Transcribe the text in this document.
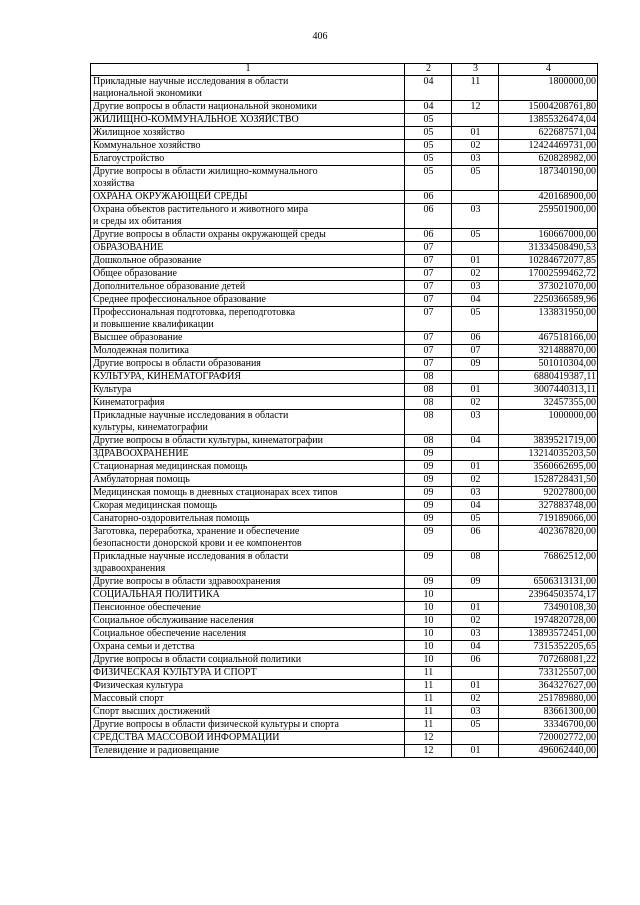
406
1	2	3	4

Прикладные научные исследования в области
национальной экономики	04	11	1800000,00

Другие вопросы в области национальной экономики	04	12	15004208761,80

ЖИЛИЩНО-КОММУНАЛЬНОЕ ХОЗЯЙСТВО	05		13855326474,04

Жилищное хозяйство	05	01	622687571,04

Коммунальное хозяйство	05	02	12424469731,00

Благоустройство	05	03	620828982,00

Другие вопросы в области жилищно-коммунального
хозяйства	05	05	187340190,00

ОХРАНА ОКРУЖАЮЩЕЙ СРЕДЫ	06		420168900,00

Охрана объектов растительного и животного мира
и среды их обитания	06	03	259501900,00

Другие вопросы в области охраны окружающей среды	06	05	160667000,00

ОБРАЗОВАНИЕ	07		31334508490,53

Дошкольное образование	07	01	10284672077,85

Общее образование	07	02	17002599462,72

Дополнительное образование детей	07	03	373021070,00

Среднее профессиональное образование	07	04	2250366589,96

Профессиональная подготовка, переподготовка
и повышение квалификации	07	05	133831950,00

Высшее образование	07	06	467518166,00

Молодежная политика	07	07	321488870,00

Другие вопросы в области образования	07	09	501010304,00

КУЛЬТУРА, КИНЕМАТОГРАФИЯ	08		6880419387,11

Культура	08	01	3007440313,11

Кинематография	08	02	32457355,00

Прикладные научные исследования в области
культуры, кинематографии	08	03	1000000,00

Другие вопросы в области культуры, кинематографии	08	04	3839521719,00

ЗДРАВООХРАНЕНИЕ	09		13214035203,50

Стационарная медицинская помощь	09	01	3560662695,00

Амбулаторная помощь	09	02	1528728431,50

Медицинская помощь в дневных стационарах всех типов	09	03	92027800,00

Скорая медицинская помощь	09	04	327883748,00

Санаторно-оздоровительная помощь	09	05	719189066,00

Заготовка, переработка, хранение и обеспечение
безопасности донорской крови и ее компонентов	09	06	402367820,00

Прикладные научные исследования в области
здравоохранения	09	08	76862512,00

Другие вопросы в области здравоохранения	09	09	6506313131,00

СОЦИАЛЬНАЯ ПОЛИТИКА	10		23964503574,17

Пенсионное обеспечение	10	01	73490108,30

Социальное обслуживание населения	10	02	1974820728,00

Социальное обеспечение населения	10	03	13893572451,00

Охрана семьи и детства	10	04	7315352205,65

Другие вопросы в области социальной политики	10	06	707268081,22

ФИЗИЧЕСКАЯ КУЛЬТУРА И СПОРТ	11		733125507,00

Физическая культура	11	01	364327627,00

Массовый спорт	11	02	251789880,00

Спорт высших достижений	11	03	83661300,00

Другие вопросы в области физической культуры и спорта	11	05	33346700,00

СРЕДСТВА МАССОВОЙ ИНФОРМАЦИИ	12		720002772,00

Телевидение и радиовещание	12	01	496062440,00
